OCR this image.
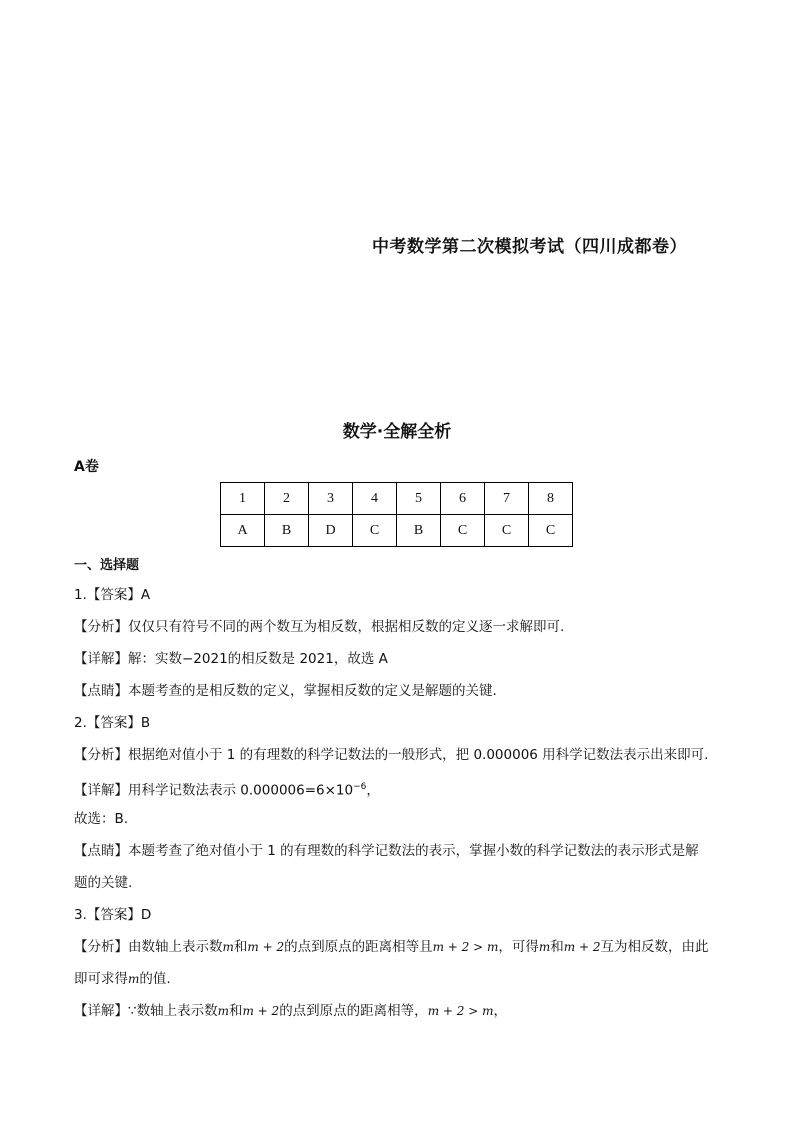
中考数学第二次模拟考试（四川成都卷）
数学·全解全析
A卷
1	2	3	4	5	6	7	8
A	B	D	C	B	C	C	C
一、选择题
1.【答案】A
【分析】仅仅只有符号不同的两个数互为相反数，根据相反数的定义逐一求解即可.
【详解】解：实数−2021的相反数是 2021，故选 A
【点睛】本题考查的是相反数的定义，掌握相反数的定义是解题的关键.
2.【答案】B
【分析】根据绝对值小于 1 的有理数的科学记数法的一般形式，把 0.000006 用科学记数法表示出来即可.
【详解】用科学记数法表示 $0.000006=6\times 10^{-6}$，
故选：B.
【点睛】本题考查了绝对值小于 1 的有理数的科学记数法的表示，掌握小数的科学记数法的表示形式是解
题的关键.
3.【答案】D
【分析】由数轴上表示数m和m + 2的点到原点的距离相等且m + 2 > m，可得m和m + 2互为相反数，由此
即可求得m的值.
【详解】∵数轴上表示数m和m + 2的点到原点的距离相等，m + 2 > m，
